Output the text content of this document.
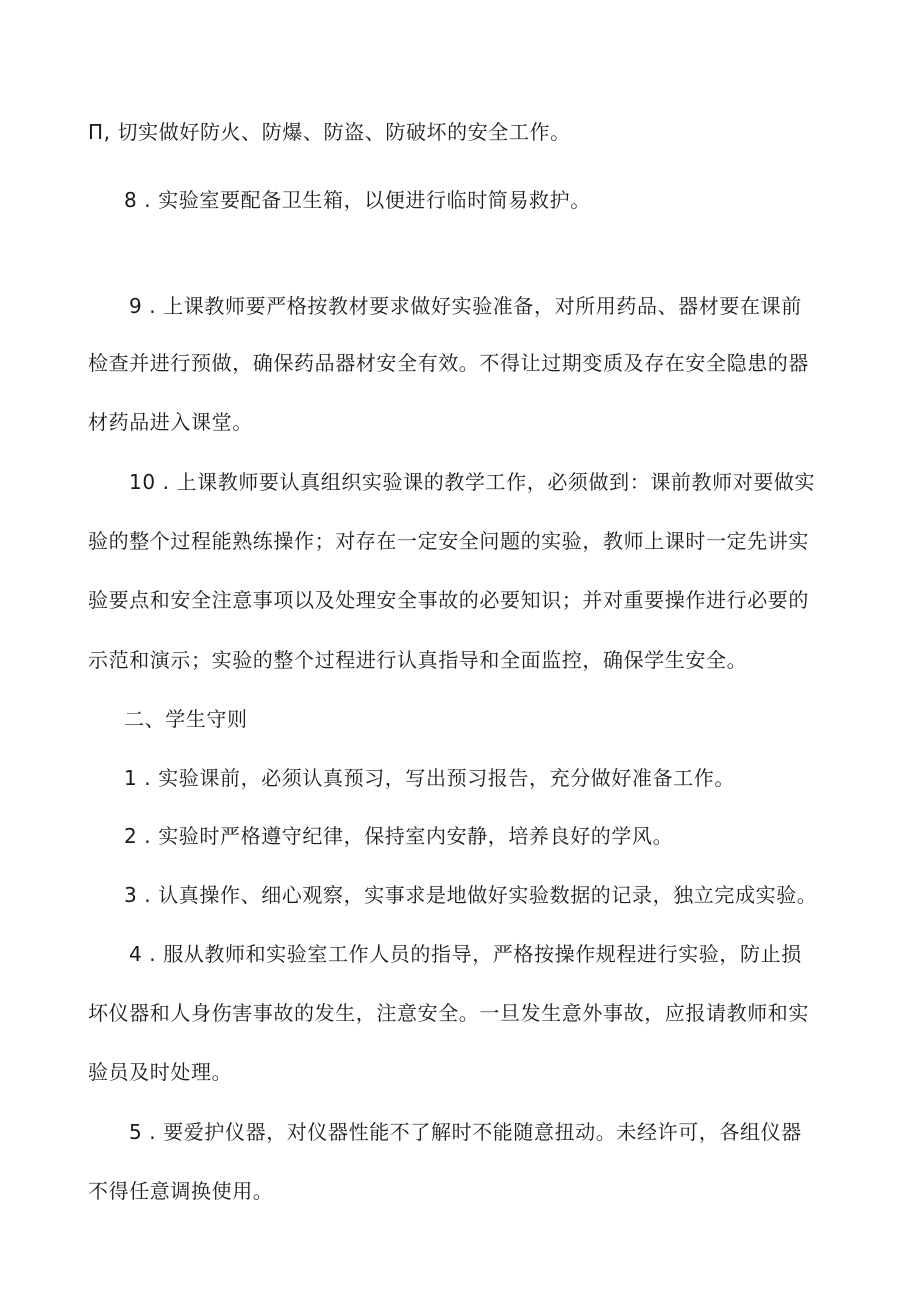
Π, 切实做好防火、防爆、防盗、防破坏的安全工作。
8 . 实验室要配备卫生箱，以便进行临时简易救护。
9 . 上课教师要严格按教材要求做好实验准备，对所用药品、器材要在课前
检查并进行预做，确保药品器材安全有效。不得让过期变质及存在安全隐患的器
材药品进入课堂。
10 . 上课教师要认真组织实验课的教学工作，必须做到：课前教师对要做实
验的整个过程能熟练操作；对存在一定安全问题的实验，教师上课时一定先讲实
验要点和安全注意事项以及处理安全事故的必要知识；并对重要操作进行必要的
示范和演示；实验的整个过程进行认真指导和全面监控，确保学生安全。
二、学生守则
1 . 实验课前，必须认真预习，写出预习报告，充分做好准备工作。
2 . 实验时严格遵守纪律，保持室内安静，培养良好的学风。
3 . 认真操作、细心观察，实事求是地做好实验数据的记录，独立完成实验。
4 . 服从教师和实验室工作人员的指导，严格按操作规程进行实验，防止损
坏仪器和人身伤害事故的发生，注意安全。一旦发生意外事故，应报请教师和实
验员及时处理。
5 . 要爱护仪器，对仪器性能不了解时不能随意扭动。未经许可，各组仪器
不得任意调换使用。
